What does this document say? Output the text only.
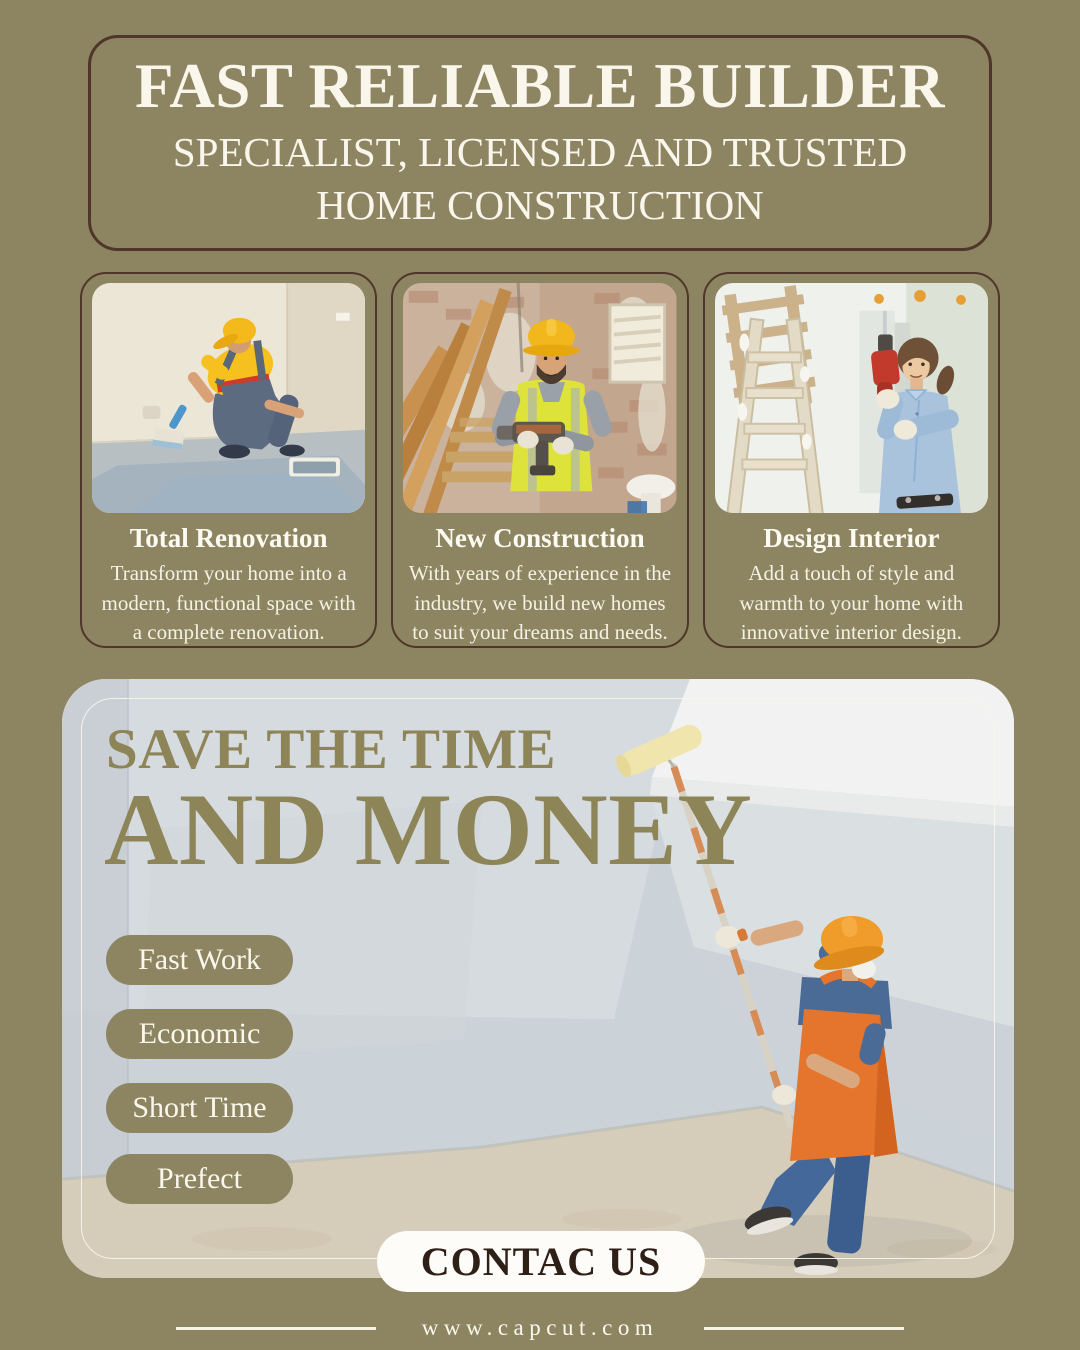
FAST RELIABLE BUILDER
SPECIALIST, LICENSED AND TRUSTED
HOME CONSTRUCTION
Total Renovation
Transform your home into a modern, functional space with a complete renovation.
New Construction
With years of experience in the industry, we build new homes to suit your dreams and needs.
Design Interior
Add a touch of style and warmth to your home with innovative interior design.
SAVE THE TIME
AND MONEY
Fast Work
Economic
Short Time
Prefect
CONTAC US
www.capcut.com
